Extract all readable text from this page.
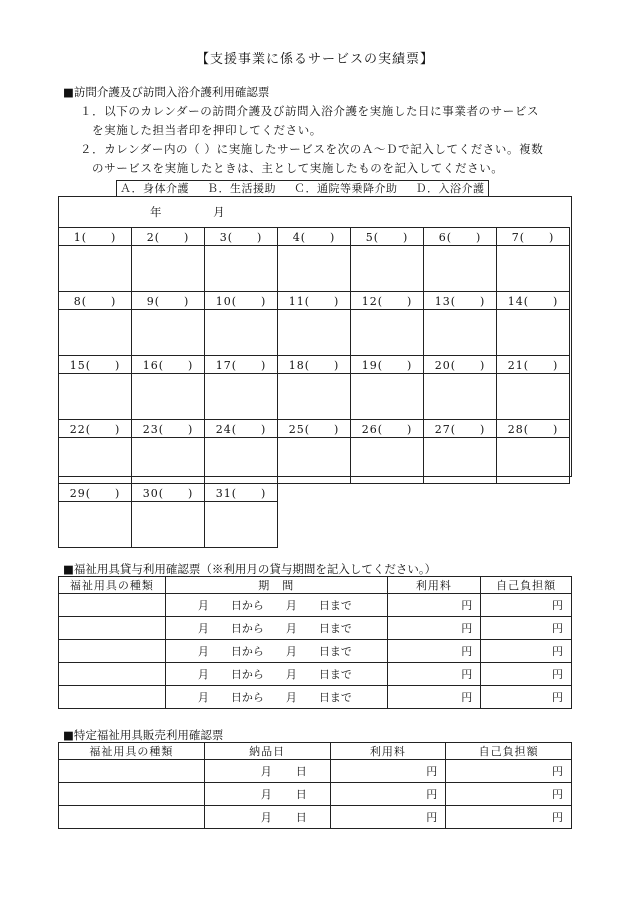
【支援事業に係るサービスの実績票】
■訪問介護及び訪問入浴介護利用確認票
１．以下のカレンダーの訪問介護及び訪問入浴介護を実施した日に事業者のサービス
を実施した担当者印を押印してください。
２．カレンダー内の（ ）に実施したサービスを次のＡ～Ｄで記入してください。複数
のサービスを実施したときは、主として実施したものを記入してください。
Ａ．身体介護 Ｂ．生活援助 Ｃ．通院等乗降介助 Ｄ．入浴介護
年	月
1(　　)	2(　　)	3(　　)	4(　　)	5(　　)	6(　　)	7(　　)

8(　　)	9(　　)	10(　　)	11(　　)	12(　　)	13(　　)	14(　　)

15(　　)	16(　　)	17(　　)	18(　　)	19(　　)	20(　　)	21(　　)

22(　　)	23(　　)	24(　　)	25(　　)	26(　　)	27(　　)	28(　　)

29(　　)	30(　　)	31(　　)				

■福祉用具貸与利用確認票（※利用月の貸与期間を記入してください。）
福祉用具の種類	期　間	利用料	自己負担額
	月 日から 月 日まで	円	円
	月 日から 月 日まで	円	円
	月 日から 月 日まで	円	円
	月 日から 月 日まで	円	円
	月 日から 月 日まで	円	円
■特定福祉用具販売利用確認票
福祉用具の種類	納品日	利用料	自己負担額
	月 日	円	円
	月 日	円	円
	月 日	円	円
